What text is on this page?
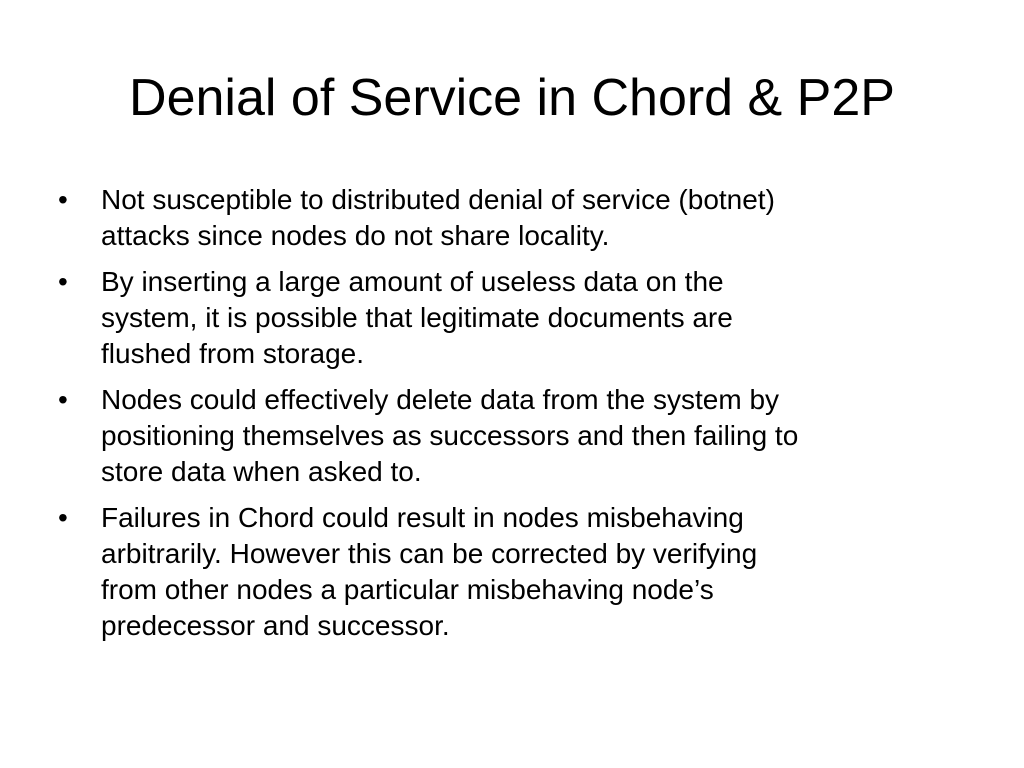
Denial of Service in Chord & P2P
•	Not susceptible to distributed denial of service (botnet)
attacks since nodes do not share locality.
•	By inserting a large amount of useless data on the
system, it is possible that legitimate documents are
flushed from storage.
•	Nodes could effectively delete data from the system by
positioning themselves as successors and then failing to
store data when asked to.
•	Failures in Chord could result in nodes misbehaving
arbitrarily. However this can be corrected by verifying
from other nodes a particular misbehaving node’s
predecessor and successor.
